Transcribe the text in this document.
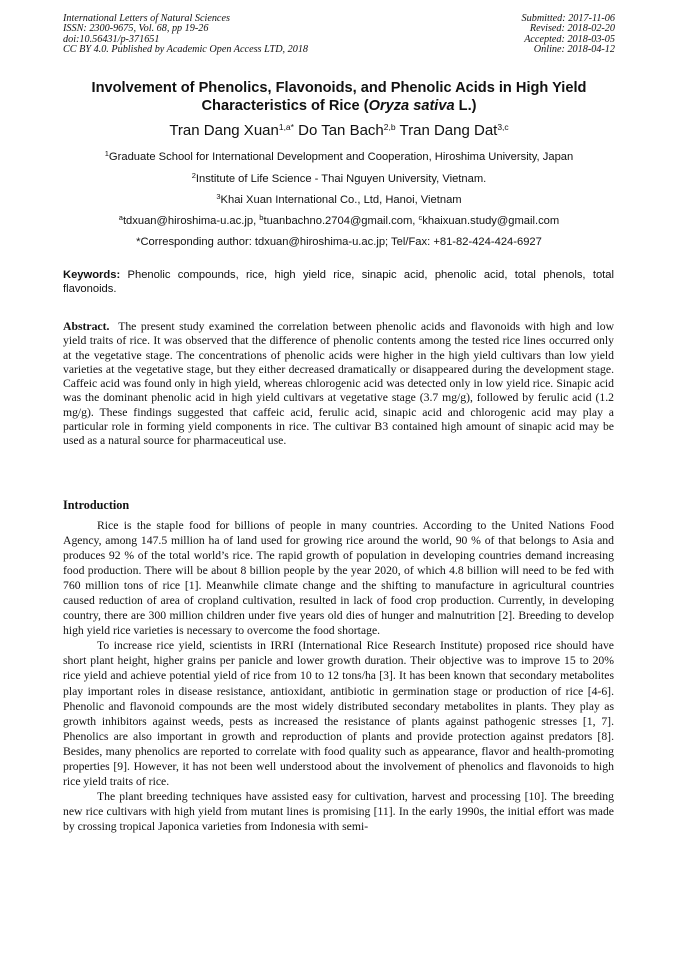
International Letters of Natural Sciences
ISSN: 2300-9675, Vol. 68, pp 19-26
doi:10.56431/p-371651
CC BY 4.0. Published by Academic Open Access LTD, 2018
Submitted: 2017-11-06
Revised: 2018-02-20
Accepted: 2018-03-05
Online: 2018-04-12
Involvement of Phenolics, Flavonoids, and Phenolic Acids in High Yield
Characteristics of Rice (Oryza sativa L.)
Tran Dang Xuan$^{1,a*}$ Do Tan Bach$^{2,b}$ Tran Dang Dat$^{3,c}$
$^1$Graduate School for International Development and Cooperation, Hiroshima University, Japan
$^2$Institute of Life Science - Thai Nguyen University, Vietnam.
$^3$Khai Xuan International Co., Ltd, Hanoi, Vietnam
$^a$tdxuan@hiroshima-u.ac.jp, $^b$tuanbachno.2704@gmail.com, $^c$khaixuan.study@gmail.com
*Corresponding author: tdxuan@hiroshima-u.ac.jp; Tel/Fax: +81-82-424-424-6927
Keywords: Phenolic compounds, rice, high yield rice, sinapic acid, phenolic acid, total phenols, total flavonoids.
Abstract. The present study examined the correlation between phenolic acids and flavonoids with high and low yield traits of rice. It was observed that the difference of phenolic contents among the tested rice lines occurred only at the vegetative stage. The concentrations of phenolic acids were higher in the high yield cultivars than low yield varieties at the vegetative stage, but they either decreased dramatically or disappeared during the development stage. Caffeic acid was found only in high yield, whereas chlorogenic acid was detected only in low yield rice. Sinapic acid was the dominant phenolic acid in high yield cultivars at vegetative stage (3.7 mg/g), followed by ferulic acid (1.2 mg/g). These findings suggested that caffeic acid, ferulic acid, sinapic acid and chlorogenic acid may play a particular role in forming yield components in rice. The cultivar B3 contained high amount of sinapic acid may be used as a natural source for pharmaceutical use.
Introduction

Rice is the staple food for billions of people in many countries. According to the United Nations Food Agency, among 147.5 million ha of land used for growing rice around the world, 90 % of that belongs to Asia and produces 92 % of the total world’s rice. The rapid growth of population in developing countries demand increasing food production. There will be about 8 billion people by the year 2020, of which 4.8 billion will need to be fed with 760 million tons of rice [1]. Meanwhile climate change and the shifting to manufacture in agricultural countries caused reduction of area of cropland cultivation, resulted in lack of food crop production. Currently, in developing country, there are 300 million children under five years old dies of hunger and malnutrition [2]. Breeding to develop high yield rice varieties is necessary to overcome the food shortage.

To increase rice yield, scientists in IRRI (International Rice Research Institute) proposed rice should have short plant height, higher grains per panicle and lower growth duration. Their objective was to improve 15 to 20% rice yield and achieve potential yield of rice from 10 to 12 tons/ha [3]. It has been known that secondary metabolites play important roles in disease resistance, antioxidant, antibiotic in germination stage or production of rice [4-6]. Phenolic and flavonoid compounds are the most widely distributed secondary metabolites in plants. They play as growth inhibitors against weeds, pests as increased the resistance of plants against pathogenic stresses [1, 7]. Phenolics are also important in growth and reproduction of plants and provide protection against predators [8]. Besides, many phenolics are reported to correlate with food quality such as appearance, flavor and health-promoting properties [9]. However, it has not been well understood about the involvement of phenolics and flavonoids to high rice yield traits of rice.

The plant breeding techniques have assisted easy for cultivation, harvest and processing [10]. The breeding new rice cultivars with high yield from mutant lines is promising [11]. In the early 1990s, the initial effort was made by crossing tropical Japonica varieties from Indonesia with semi-
